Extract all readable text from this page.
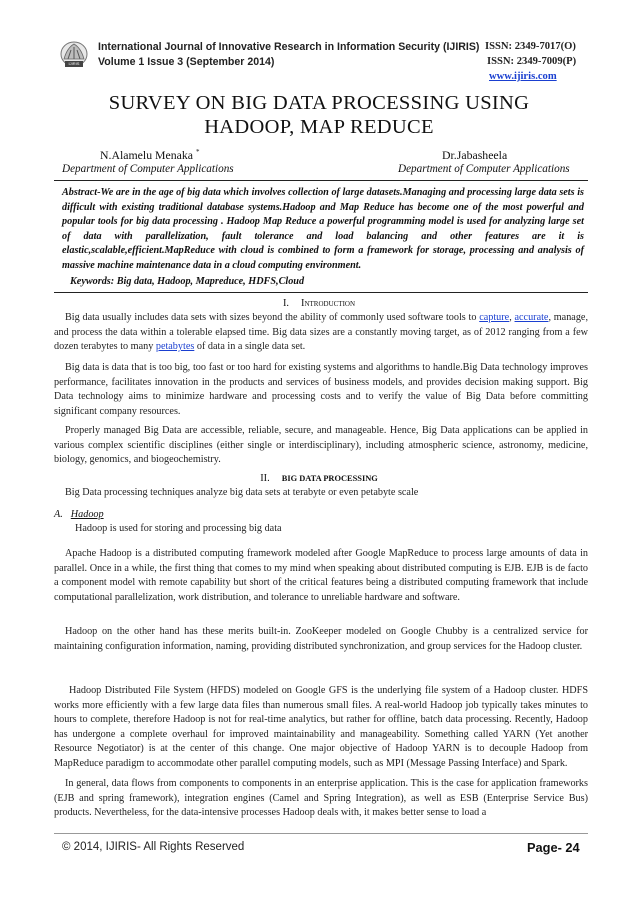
IJIRIS
International Journal of Innovative Research in Information Security (IJIRIS)
Volume 1 Issue 3 (September 2014)
ISSN: 2349-7017(O)
ISSN: 2349-7009(P)
www.ijiris.com
SURVEY ON BIG DATA PROCESSING USING
HADOOP, MAP REDUCE
N.Alamelu Menaka *
Department of Computer Applications
Dr.Jabasheela
Department of Computer Applications
Abstract-We are in the age of big data which involves collection of large datasets.Managing and processing large data sets is difficult with existing traditional database systems.Hadoop and Map Reduce has become one of the most powerful and popular tools for big data processing . Hadoop Map Reduce a powerful programming model is used for analyzing large set of data with parallelization, fault tolerance and load balancing and other features are it is elastic,scalable,efficient.MapReduce with cloud is combined to form a framework for storage, processing and analysis of massive machine maintenance data in a cloud computing environment.
Keywords: Big data, Hadoop, Mapreduce, HDFS,Cloud
I. Introduction
Big data usually includes data sets with sizes beyond the ability of commonly used software tools to capture, accurate, manage, and process the data within a tolerable elapsed time. Big data sizes are a constantly moving target, as of 2012 ranging from a few dozen terabytes to many petabytes of data in a single data set.
Big data is data that is too big, too fast or too hard for existing systems and algorithms to handle.Big Data technology improves performance, facilitates innovation in the products and services of business models, and provides decision making support. Big Data technology aims to minimize hardware and processing costs and to verify the value of Big Data before committing significant company resources.
Properly managed Big Data are accessible, reliable, secure, and manageable. Hence, Big Data applications can be applied in various complex scientific disciplines (either single or interdisciplinary), including atmospheric science, astronomy, medicine, biology, genomics, and biogeochemistry.
II. BIG DATA PROCESSING
Big Data processing techniques analyze big data sets at terabyte or even petabyte scale
A. Hadoop
Hadoop is used for storing and processing big data
Apache Hadoop is a distributed computing framework modeled after Google MapReduce to process large amounts of data in parallel. Once in a while, the first thing that comes to my mind when speaking about distributed computing is EJB. EJB is de facto a component model with remote capability but short of the critical features being a distributed computing framework that include computational parallelization, work distribution, and tolerance to unreliable hardware and software.
Hadoop on the other hand has these merits built-in. ZooKeeper modeled on Google Chubby is a centralized service for maintaining configuration information, naming, providing distributed synchronization, and group services for the Hadoop cluster.
Hadoop Distributed File System (HFDS) modeled on Google GFS is the underlying file system of a Hadoop cluster. HDFS works more efficiently with a few large data files than numerous small files. A real-world Hadoop job typically takes minutes to hours to complete, therefore Hadoop is not for real-time analytics, but rather for offline, batch data processing. Recently, Hadoop has undergone a complete overhaul for improved maintainability and manageability. Something called YARN (Yet another Resource Negotiator) is at the center of this change. One major objective of Hadoop YARN is to decouple Hadoop from MapReduce paradigm to accommodate other parallel computing models, such as MPI (Message Passing Interface) and Spark.
In general, data flows from components to components in an enterprise application. This is the case for application frameworks (EJB and spring framework), integration engines (Camel and Spring Integration), as well as ESB (Enterprise Service Bus) products. Nevertheless, for the data-intensive processes Hadoop deals with, it makes better sense to load a
© 2014, IJIRIS- All Rights Reserved	Page- 24
